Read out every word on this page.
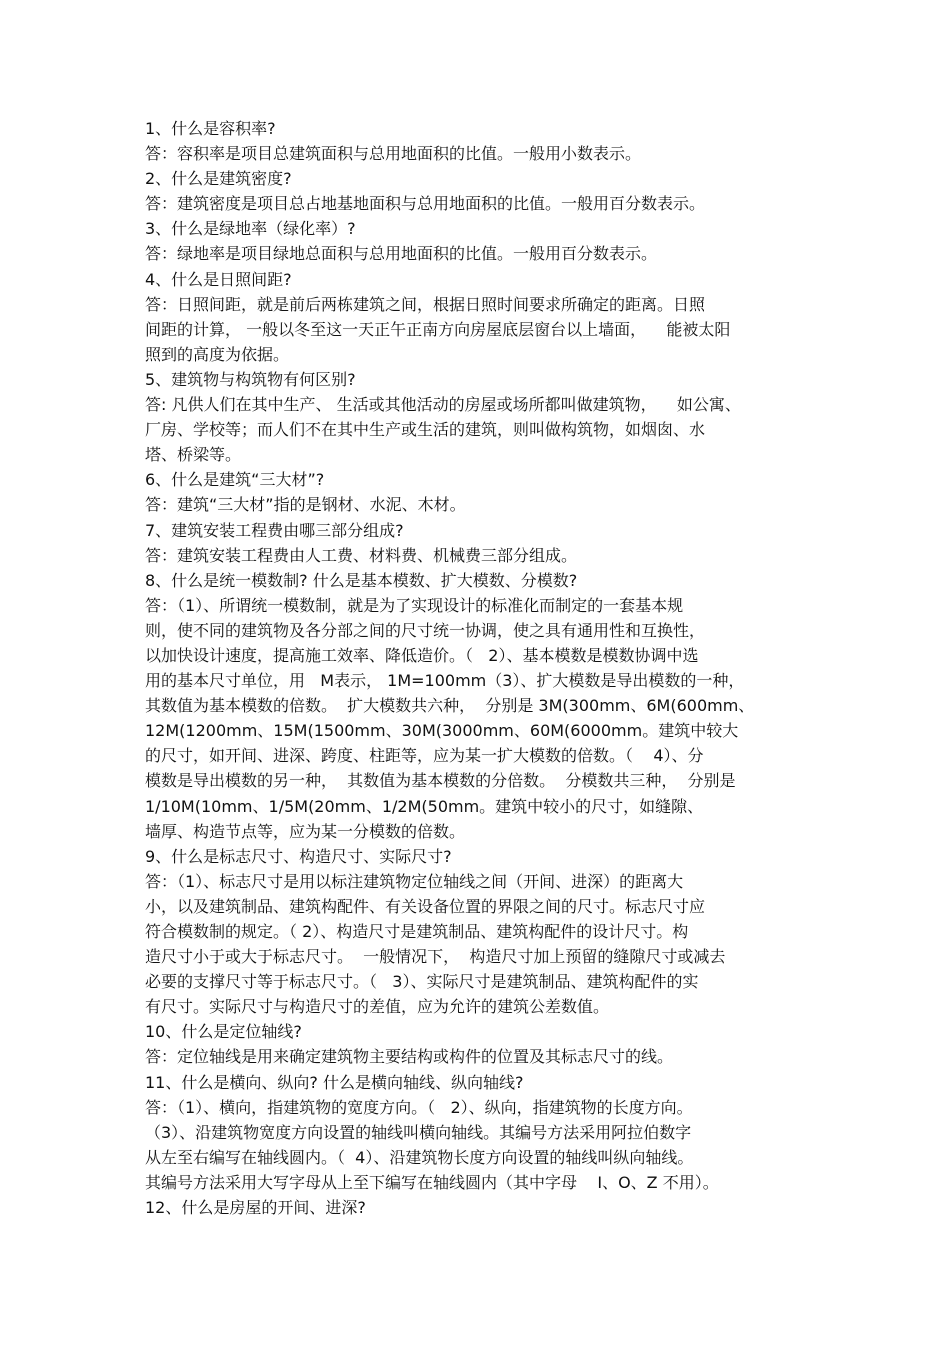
1、什么是容积率?
答：容积率是项目总建筑面积与总用地面积的比值。一般用小数表示。
2、什么是建筑密度?
答：建筑密度是项目总占地基地面积与总用地面积的比值。一般用百分数表示。
3、什么是绿地率（绿化率）?
答：绿地率是项目绿地总面积与总用地面积的比值。一般用百分数表示。
4、什么是日照间距?
答：日照间距，就是前后两栋建筑之间，根据日照时间要求所确定的距离。日照
间距的计算， 一般以冬至这一天正午正南方向房屋底层窗台以上墙面，    能被太阳
照到的高度为依据。
5、建筑物与构筑物有何区别?
答: 凡供人们在其中生产、 生活或其他活动的房屋或场所都叫做建筑物，    如公寓、
厂房、学校等；而人们不在其中生产或生活的建筑，则叫做构筑物，如烟囱、水
塔、桥梁等。
6、什么是建筑“三大材”?
答：建筑“三大材”指的是钢材、水泥、木材。
7、建筑安装工程费由哪三部分组成?
答：建筑安装工程费由人工费、材料费、机械费三部分组成。
8、什么是统一模数制? 什么是基本模数、扩大模数、分模数?
答：（1）、所谓统一模数制，就是为了实现设计的标准化而制定的一套基本规
则，使不同的建筑物及各分部之间的尺寸统一协调，使之具有通用性和互换性，
以加快设计速度，提高施工效率、降低造价。（   2）、基本模数是模数协调中选
用的基本尺寸单位，用   M表示， 1M=100mm（3）、扩大模数是导出模数的一种，
其数值为基本模数的倍数。  扩大模数共六种，  分别是 3M(300mm、6M(600mm、
12M(1200mm、15M(1500mm、30M(3000mm、60M(6000mm。建筑中较大
的尺寸，如开间、进深、跨度、柱距等，应为某一扩大模数的倍数。（    4）、分
模数是导出模数的另一种，  其数值为基本模数的分倍数。  分模数共三种，  分别是
1/10M(10mm、1/5M(20mm、1/2M(50mm。建筑中较小的尺寸，如缝隙、
墙厚、构造节点等，应为某一分模数的倍数。
9、什么是标志尺寸、构造尺寸、实际尺寸?
答：（1）、标志尺寸是用以标注建筑物定位轴线之间（开间、进深）的距离大
小，以及建筑制品、建筑构配件、有关设备位置的界限之间的尺寸。标志尺寸应
符合模数制的规定。（ 2）、构造尺寸是建筑制品、建筑构配件的设计尺寸。构
造尺寸小于或大于标志尺寸。  一般情况下，  构造尺寸加上预留的缝隙尺寸或减去
必要的支撑尺寸等于标志尺寸。（   3）、实际尺寸是建筑制品、建筑构配件的实
有尺寸。实际尺寸与构造尺寸的差值，应为允许的建筑公差数值。
10、什么是定位轴线?
答：定位轴线是用来确定建筑物主要结构或构件的位置及其标志尺寸的线。
11、什么是横向、纵向? 什么是横向轴线、纵向轴线?
答：（1）、横向，指建筑物的宽度方向。（   2）、纵向，指建筑物的长度方向。
（3）、沿建筑物宽度方向设置的轴线叫横向轴线。其编号方法采用阿拉伯数字
从左至右编写在轴线圆内。（  4）、沿建筑物长度方向设置的轴线叫纵向轴线。
其编号方法采用大写字母从上至下编写在轴线圆内（其中字母    I、O、Z 不用）。
12、什么是房屋的开间、进深?
